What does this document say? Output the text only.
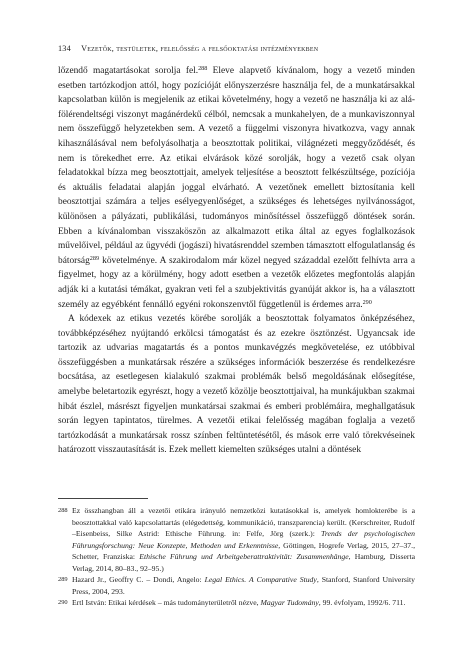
134 Vezetők, testületek, felelősség a felsőoktatási intézményekben

lőzendő magatartásokat sorolja fel.$^{288}$ Eleve alapvető kívánalom, hogy a vezető minden esetben tartózkodjon attól, hogy pozícióját előnyszerzésre használja fel, de a munkatársakkal kapcsolatban külön is megjelenik az etikai követelmény, hogy a vezető ne használja ki az alá-fölérendeltségi viszonyt magánérdekű célból, nemcsak a munkahelyen, de a munkaviszonnyal nem összefüggő helyzetekben sem. A vezető a függelmi viszonyra hivatkozva, vagy annak kihasználásával nem befolyásolhatja a beosztottak politikai, világnézeti meggyőződését, és nem is törekedhet erre. Az etikai elvárások közé sorolják, hogy a vezető csak olyan feladatokkal bízza meg beosztottjait, amelyek teljesítése a beosztott felkészültsége, pozíciója és aktuális feladatai alapján joggal elvárható. A vezetőnek emellett biztosítania kell beosztottjai számára a teljes esélyegyenlőséget, a szükséges és lehetséges nyilvánosságot, különösen a pályázati, publikálási, tudományos minősítéssel összefüggő döntések során. Ebben a kívánalomban visszaköszön az alkalmazott etika által az egyes foglalkozások művelőivel, például az ügyvédi (jogászi) hivatásrenddel szemben támasztott elfogulatlanság és bátorság$^{289}$ követelménye. A szakirodalom már közel negyed századdal ezelőtt felhívta arra a figyelmet, hogy az a körülmény, hogy adott esetben a vezetők előzetes megfontolás alapján adják ki a kutatási témákat, gyakran veti fel a szubjektivitás gyanúját akkor is, ha a választott személy az egyébként fennálló egyéni rokonszenvtől függetlenül is érdemes arra.$^{290}$

A kódexek az etikus vezetés körébe sorolják a beosztottak folyamatos önképzéséhez, továbbképzéséhez nyújtandó erkölcsi támogatást és az ezekre ösztönzést. Ugyancsak ide tartozik az udvarias magatartás és a pontos munkavégzés megkövetelése, ez utóbbival összefüggésben a munkatársak részére a szükséges információk beszerzése és rendelkezésre bocsátása, az esetlegesen kialakuló szakmai problémák belső megoldásának elősegítése, amelybe beletartozik egyrészt, hogy a vezető közölje beosztottjaival, ha munkájukban szakmai hibát észlel, másrészt figyeljen munkatársai szakmai és emberi problémáira, meghallgatásuk során legyen tapintatos, türelmes. A vezetői etikai felelősség magában foglalja a vezető tartózkodását a munkatársak rossz színben feltüntetésétől, és mások erre való törekvéseinek határozott visszautasítását is. Ezek mellett kiemelten szükséges utalni a döntések

288 Ez összhangban áll a vezetői etikára irányuló nemzetközi kutatásokkal is, amelyek homlokterébe is a beosztottakkal való kapcsolattartás (elégedettség, kommunikáció, transzparencia) került. (Kerschreiter, Rudolf –Eisenbeiss, Silke Astrid: Ethische Führung. in: Felfe, Jörg (szerk.): Trends der psychologischen Führungsforschung: Neue Konzepte, Methoden und Erkenntnisse, Göttingen, Hogrefe Verlag, 2015, 27–37., Schetter, Franziska: Ethische Führung und Arbeitgeberattraktivität: Zusammenhänge, Hamburg, Disserta Verlag, 2014, 80–83., 92–95.)

289 Hazard Jr., Geoffry C. – Dondi, Angelo: Legal Ethics. A Comparative Study, Stanford, Stanford University Press, 2004, 293.

290 Ertl István: Etikai kérdések – más tudományterületről nézve, Magyar Tudomány, 99. évfolyam, 1992/6. 711.
